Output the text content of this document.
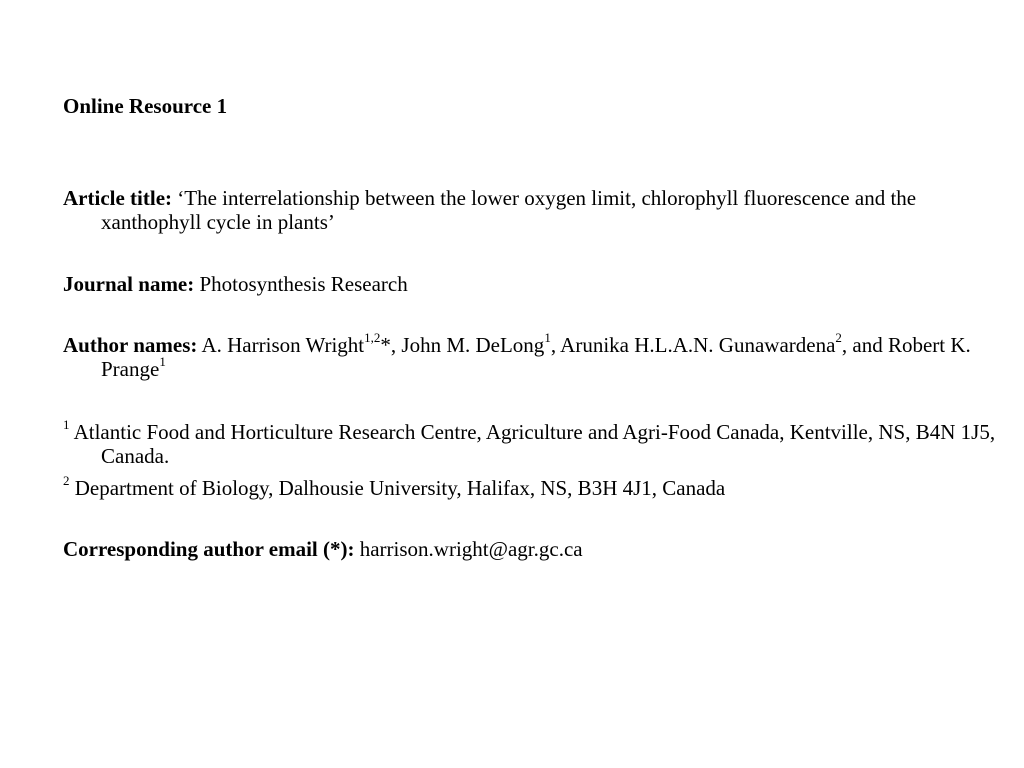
Online Resource 1
Article title: ‘The interrelationship between the lower oxygen limit, chlorophyll fluorescence and the xanthophyll cycle in plants’
Journal name: Photosynthesis Research
Author names: A. Harrison Wright$^{1,2}$*, John M. DeLong$^1$, Arunika H.L.A.N. Gunawardena$^2$, and Robert K. Prange$^1$
$^1$ Atlantic Food and Horticulture Research Centre, Agriculture and Agri-Food Canada, Kentville, NS, B4N 1J5, Canada.
$^2$ Department of Biology, Dalhousie University, Halifax, NS, B3H 4J1, Canada
Corresponding author email (*): harrison.wright@agr.gc.ca
